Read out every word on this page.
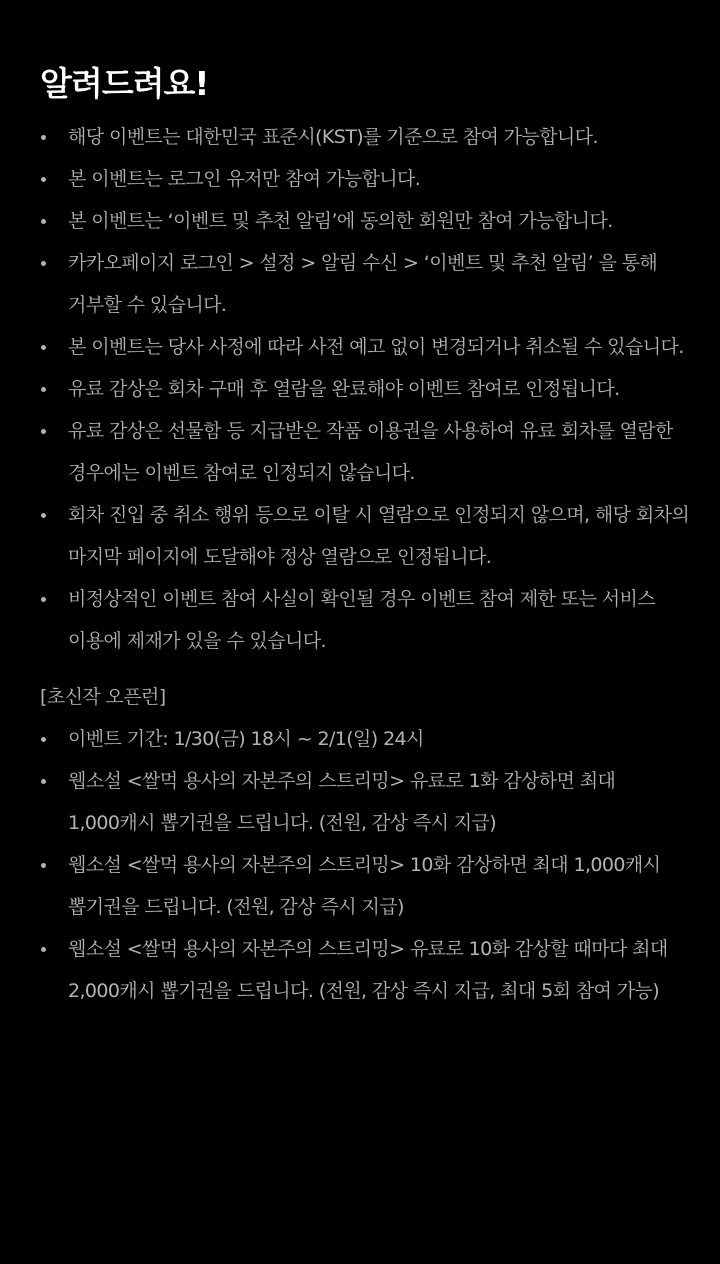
알려드려요!
해당 이벤트는 대한민국 표준시(KST)를 기준으로 참여 가능합니다.
본 이벤트는 로그인 유저만 참여 가능합니다.
본 이벤트는 ‘이벤트 및 추천 알림’에 동의한 회원만 참여 가능합니다.
카카오페이지 로그인 > 설정 > 알림 수신 > ‘이벤트 및 추천 알림’ 을 통해 거부할 수 있습니다.
본 이벤트는 당사 사정에 따라 사전 예고 없이 변경되거나 취소될 수 있습니다.
유료 감상은 회차 구매 후 열람을 완료해야 이벤트 참여로 인정됩니다.
유료 감상은 선물함 등 지급받은 작품 이용권을 사용하여 유료 회차를 열람한 경우에는 이벤트 참여로 인정되지 않습니다.
회차 진입 중 취소 행위 등으로 이탈 시 열람으로 인정되지 않으며, 해당 회차의 마지막 페이지에 도달해야 정상 열람으로 인정됩니다.
비정상적인 이벤트 참여 사실이 확인될 경우 이벤트 참여 제한 또는 서비스 이용에 제재가 있을 수 있습니다.
[초신작 오픈런]
이벤트 기간: 1/30(금) 18시 ~ 2/1(일) 24시
웹소설 <쌀먹 용사의 자본주의 스트리밍> 유료로 1화 감상하면 최대 1,000캐시 뽑기권을 드립니다. (전원, 감상 즉시 지급)
웹소설 <쌀먹 용사의 자본주의 스트리밍> 10화 감상하면 최대 1,000캐시 뽑기권을 드립니다. (전원, 감상 즉시 지급)
웹소설 <쌀먹 용사의 자본주의 스트리밍> 유료로 10화 감상할 때마다 최대 2,000캐시 뽑기권을 드립니다. (전원, 감상 즉시 지급, 최대 5회 참여 가능)
